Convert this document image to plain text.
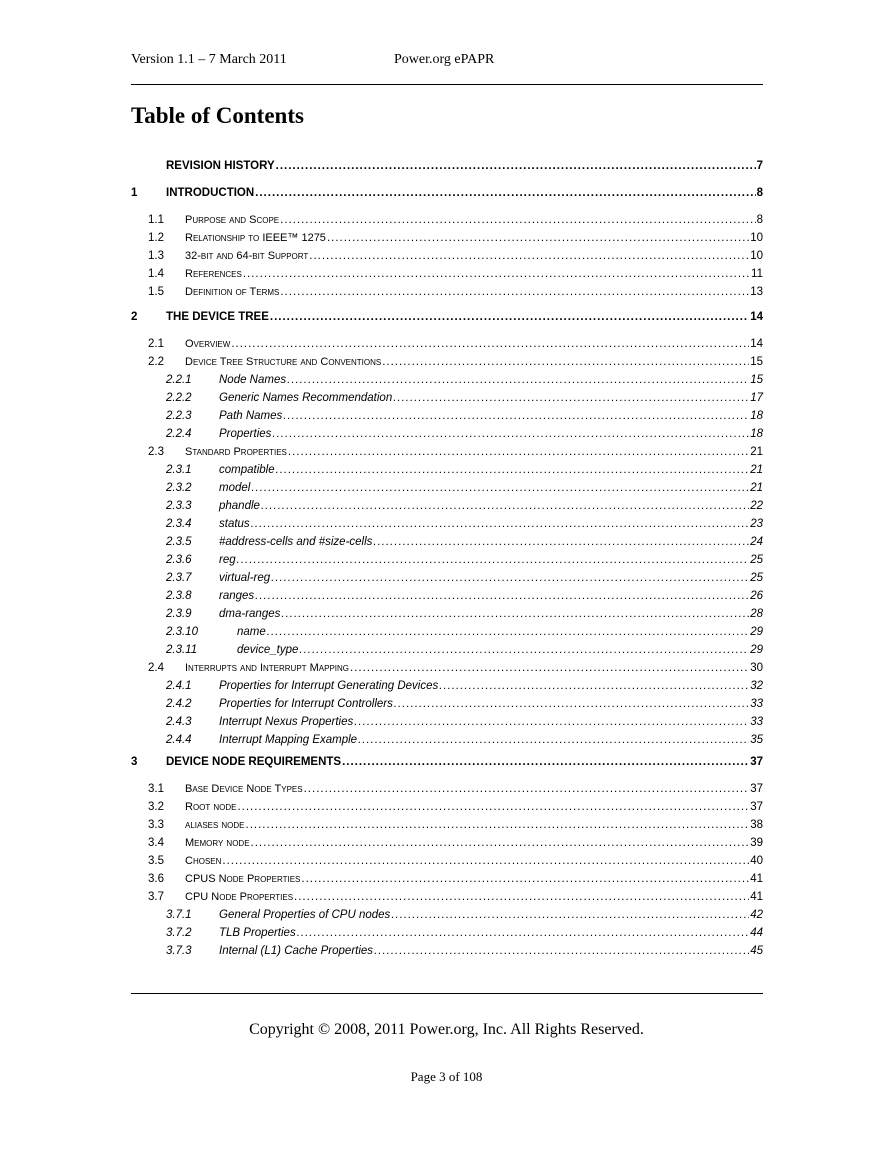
Version 1.1 – 7 March 2011	Power.org ePAPR
Table of Contents
REVISION HISTORY .....	7
1	INTRODUCTION .....	8
1.1	Purpose and Scope .....	8
1.2	Relationship to IEEE™ 1275 .....	10
1.3	32-bit and 64-bit Support .....	10
1.4	References .....	11
1.5	Definition of Terms .....	13
2	THE DEVICE TREE .....	14
2.1	Overview .....	14
2.2	Device Tree Structure and Conventions .....	15
2.2.1	Node Names .....	15
2.2.2	Generic Names Recommendation .....	17
2.2.3	Path Names .....	18
2.2.4	Properties .....	18
2.3	Standard Properties .....	21
2.3.1	compatible .....	21
2.3.2	model .....	21
2.3.3	phandle .....	22
2.3.4	status .....	23
2.3.5	#address-cells and #size-cells .....	24
2.3.6	reg .....	25
2.3.7	virtual-reg .....	25
2.3.8	ranges .....	26
2.3.9	dma-ranges .....	28
2.3.10	name .....	29
2.3.11	device_type .....	29
2.4	Interrupts and Interrupt Mapping .....	30
2.4.1	Properties for Interrupt Generating Devices .....	32
2.4.2	Properties for Interrupt Controllers .....	33
2.4.3	Interrupt Nexus Properties .....	33
2.4.4	Interrupt Mapping Example .....	35
3	DEVICE NODE REQUIREMENTS .....	37
3.1	Base Device Node Types .....	37
3.2	Root node .....	37
3.3	aliases node .....	38
3.4	Memory node .....	39
3.5	Chosen .....	40
3.6	CPUS Node Properties .....	41
3.7	CPU Node Properties .....	41
3.7.1	General Properties of CPU nodes .....	42
3.7.2	TLB Properties .....	44
3.7.3	Internal (L1) Cache Properties .....	45
Copyright © 2008, 2011 Power.org, Inc. All Rights Reserved.
Page 3 of 108
